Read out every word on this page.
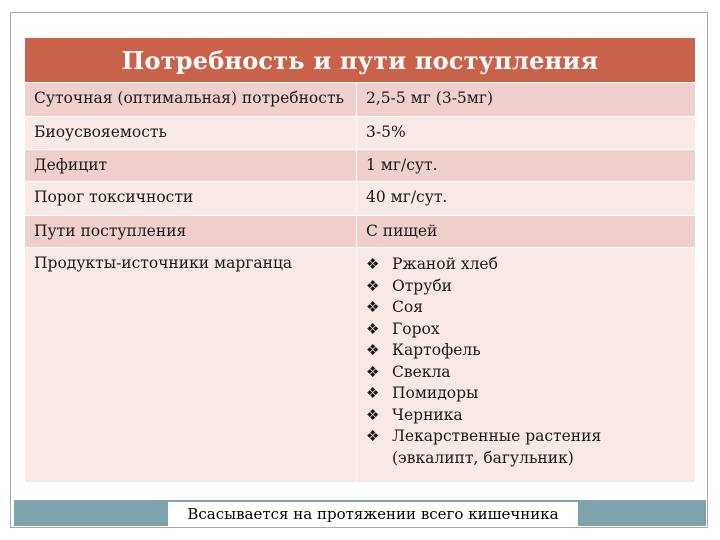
Потребность и пути поступления
Суточная (оптимальная) потребность	2,5-5 мг (3-5мг)
Биоусвояемость	3-5%
Дефицит	1 мг/сут.
Порог токсичности	40 мг/сут.
Пути поступления	С пищей
Продукты-источники марганца	❖ Ржаной хлеб
❖ Отруби
❖ Соя
❖ Горох
❖ Картофель
❖ Свекла
❖ Помидоры
❖ Черника
❖ Лекарственные растения
(эвкалипт, багульник)
Всасывается на протяжении всего кишечника
